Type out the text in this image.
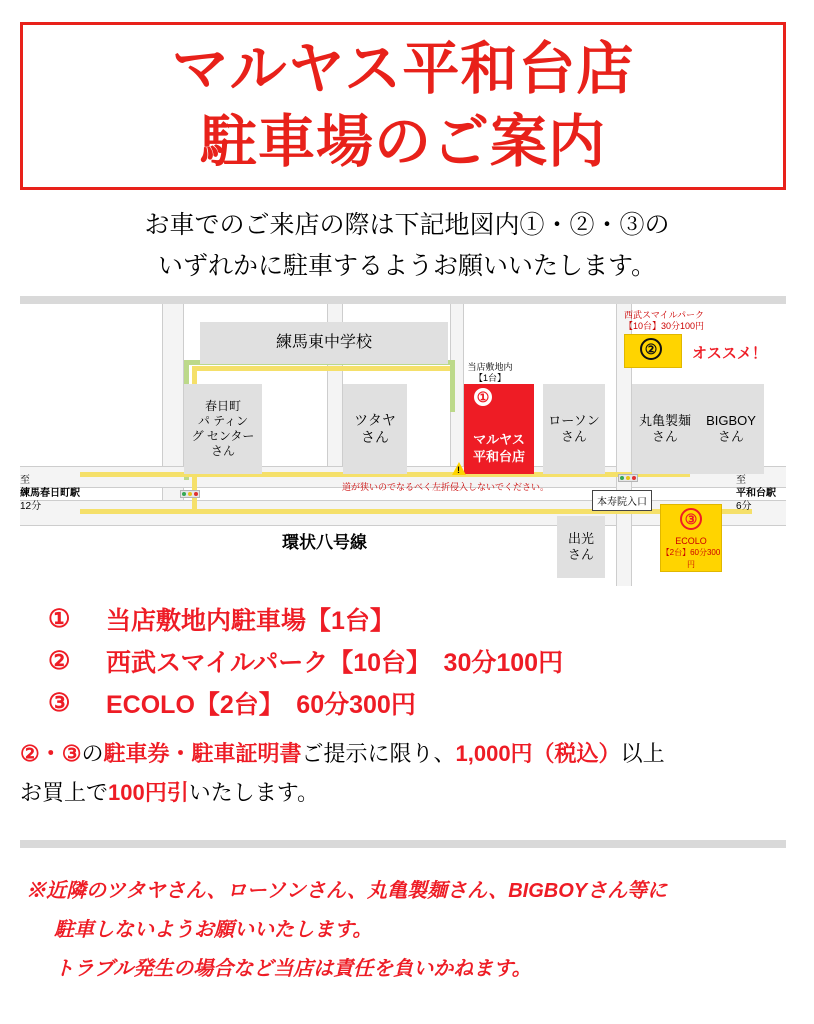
マルヤス平和台店
駐車場のご案内
お車でのご来店の際は下記地図内①・②・③の
いずれかに駐車するようお願いいたします。
練馬東中学校
春日町
パ ティン
グ センター
さん
ツタヤ
さん
ローソン
さん
丸亀製麺
さん
BIGBOY
さん
出光
さん
マルヤス
平和台店
当店敷地内
【1台】
①
西武スマイルパーク
【10台】30分100円
② オススメ！
③
ECOLO
【2台】60分300円
!
道が狭いのでなるべく左折侵入しないでください。
本寿院入口
至
練馬春日町駅
12分
至
平和台駅
6分
環状八号線
①	当店敷地内駐車場【1台】
②	西武スマイルパーク【10台】　30分100円
③	ECOLO【2台】　60分300円
②・③の駐車券・駐車証明書ご提示に限り、1,000円（税込）以上
お買上で100円引いたします。
※近隣のツタヤさん、ローソンさん、丸亀製麺さん、BIGBOYさん等に
駐車しないようお願いいたします。
トラブル発生の場合など当店は責任を負いかねます。
